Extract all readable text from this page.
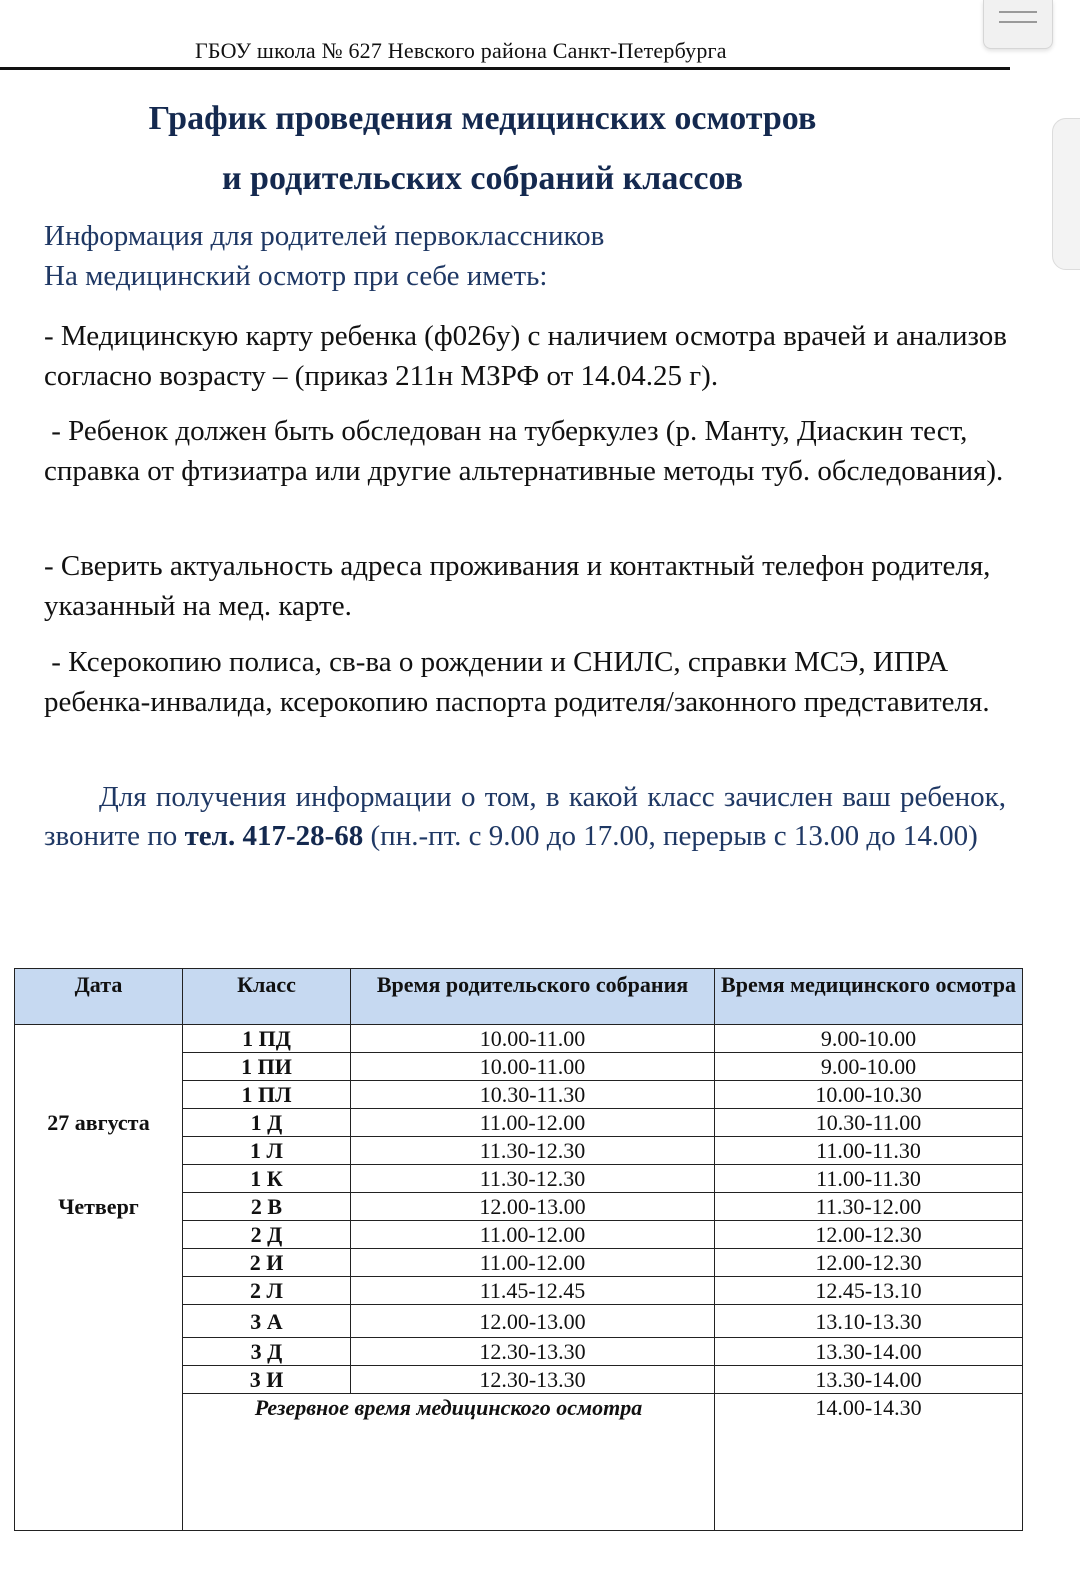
ГБОУ школа № 627 Невского района Санкт-Петербурга
График проведения медицинских осмотров
и родительских собраний классов
Информация для родителей первоклассников
На медицинский осмотр при себе иметь:
- Медицинскую карту ребенка (ф026у) с наличием осмотра врачей и анализов согласно возрасту – (приказ 211н МЗРФ от 14.04.25 г).
- Ребенок должен быть обследован на туберкулез (р. Манту, Диаскин тест, справка от фтизиатра или другие альтернативные методы туб. обследования).
- Сверить актуальность адреса проживания и контактный телефон родителя, указанный на мед. карте.
- Ксерокопию полиса, св-ва о рождении и СНИЛС, справки МСЭ, ИПРА ребенка-инвалида, ксерокопию паспорта родителя/законного представителя.
Для получения информации о том, в какой класс зачислен ваш ребенок, звоните по тел. 417-28-68 (пн.-пт. с 9.00 до 17.00, перерыв с 13.00 до 14.00)
Дата	Класс	Время родительского собрания	Время медицинского осмотра

27 августа
Четверг	1 ПД	10.00-11.00	9.00-10.00
	1 ПИ	10.00-11.00	9.00-10.00
	1 ПЛ	10.30-11.30	10.00-10.30
	1 Д	11.00-12.00	10.30-11.00
	1 Л	11.30-12.30	11.00-11.30
	1 К	11.30-12.30	11.00-11.30
	2 В	12.00-13.00	11.30-12.00
	2 Д	11.00-12.00	12.00-12.30
	2 И	11.00-12.00	12.00-12.30
	2 Л	11.45-12.45	12.45-13.10
	3 А	12.00-13.00	13.10-13.30
	3 Д	12.30-13.30	13.30-14.00
	3 И	12.30-13.30	13.30-14.00
	Резервное время медицинского осмотра		14.00-14.30
